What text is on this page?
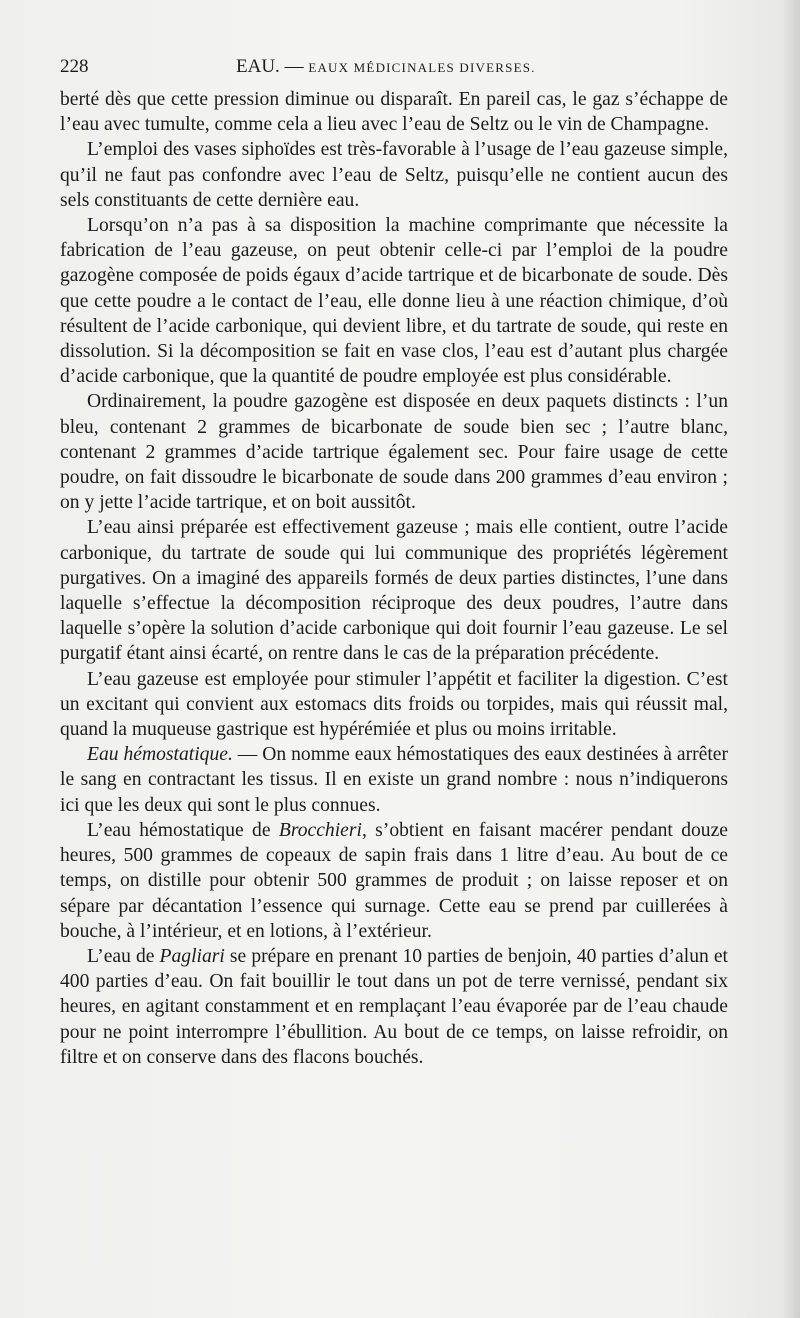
228	EAU. — EAUX MÉDICINALES DIVERSES.

berté dès que cette pression diminue ou disparaît. En pareil cas, le gaz s’échappe de l’eau avec tumulte, comme cela a lieu avec l’eau de Seltz ou le vin de Champagne.

L’emploi des vases siphoïdes est très-favorable à l’usage de l’eau gazeuse simple, qu’il ne faut pas confondre avec l’eau de Seltz, puisqu’elle ne contient aucun des sels constituants de cette dernière eau.

Lorsqu’on n’a pas à sa disposition la machine comprimante que nécessite la fabrication de l’eau gazeuse, on peut obtenir celle-ci par l’emploi de la poudre gazogène composée de poids égaux d’acide tartrique et de bicarbonate de soude. Dès que cette poudre a le contact de l’eau, elle donne lieu à une réaction chimique, d’où résultent de l’acide carbonique, qui devient libre, et du tartrate de soude, qui reste en dissolution. Si la décomposition se fait en vase clos, l’eau est d’autant plus chargée d’acide carbonique, que la quantité de poudre employée est plus considérable.

Ordinairement, la poudre gazogène est disposée en deux paquets distincts : l’un bleu, contenant 2 grammes de bicarbonate de soude bien sec ; l’autre blanc, contenant 2 grammes d’acide tartrique également sec. Pour faire usage de cette poudre, on fait dissoudre le bicarbonate de soude dans 200 grammes d’eau environ ; on y jette l’acide tartrique, et on boit aussitôt.

L’eau ainsi préparée est effectivement gazeuse ; mais elle contient, outre l’acide carbonique, du tartrate de soude qui lui communique des propriétés légèrement purgatives. On a imaginé des appareils formés de deux parties distinctes, l’une dans laquelle s’effectue la décomposition réciproque des deux poudres, l’autre dans laquelle s’opère la solution d’acide carbonique qui doit fournir l’eau gazeuse. Le sel purgatif étant ainsi écarté, on rentre dans le cas de la préparation précédente.

L’eau gazeuse est employée pour stimuler l’appétit et faciliter la digestion. C’est un excitant qui convient aux estomacs dits froids ou torpides, mais qui réussit mal, quand la muqueuse gastrique est hypérémiée et plus ou moins irritable.

Eau hémostatique. — On nomme eaux hémostatiques des eaux destinées à arrêter le sang en contractant les tissus. Il en existe un grand nombre : nous n’indiquerons ici que les deux qui sont le plus connues.

L’eau hémostatique de Brocchieri, s’obtient en faisant macérer pendant douze heures, 500 grammes de copeaux de sapin frais dans 1 litre d’eau. Au bout de ce temps, on distille pour obtenir 500 grammes de produit ; on laisse reposer et on sépare par décantation l’essence qui surnage. Cette eau se prend par cuillerées à bouche, à l’intérieur, et en lotions, à l’extérieur.

L’eau de Pagliari se prépare en prenant 10 parties de benjoin, 40 parties d’alun et 400 parties d’eau. On fait bouillir le tout dans un pot de terre vernissé, pendant six heures, en agitant constamment et en remplaçant l’eau évaporée par de l’eau chaude pour ne point interrompre l’ébullition. Au bout de ce temps, on laisse refroidir, on filtre et on conserve dans des flacons bouchés.
